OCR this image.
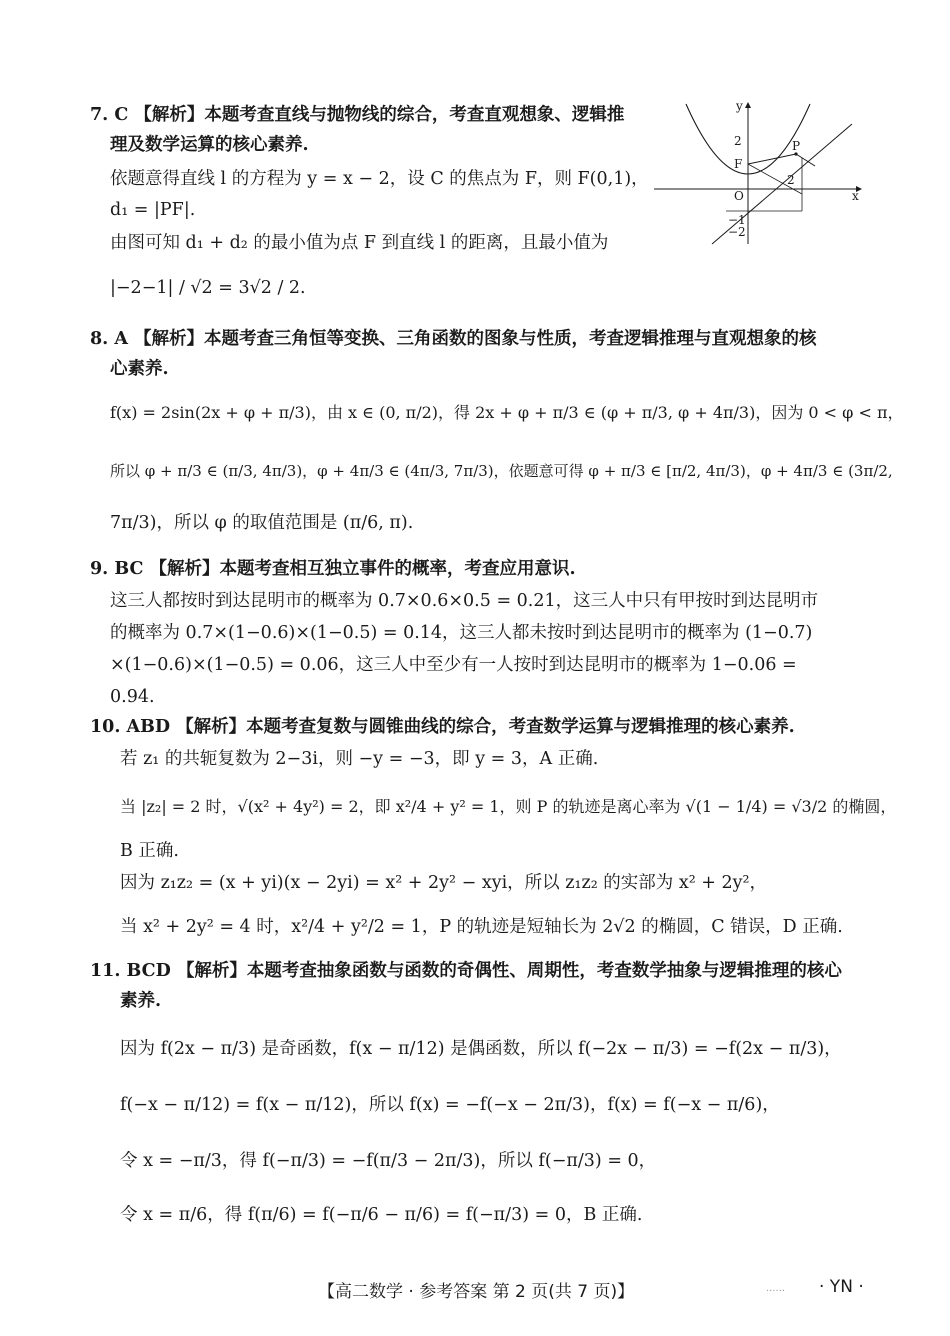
7. C 【解析】本题考查直线与抛物线的综合，考查直观想象、逻辑推
理及数学运算的核心素养.
依题意得直线 l 的方程为 y = x − 2，设 C 的焦点为 F，则 F(0,1)，
d₁ = |PF|.
由图可知 d₁ + d₂ 的最小值为点 F 到直线 l 的距离，且最小值为
|−2−1| / √2 = 3√2 / 2.
x
y
O
F
P
2
2
−1
−2
8. A 【解析】本题考查三角恒等变换、三角函数的图象与性质，考查逻辑推理与直观想象的核
心素养.
f(x) = 2sin(2x + φ + π/3)，由 x ∈ (0, π/2)，得 2x + φ + π/3 ∈ (φ + π/3, φ + 4π/3)，因为 0 < φ < π，
所以 φ + π/3 ∈ (π/3, 4π/3)，φ + 4π/3 ∈ (4π/3, 7π/3)，依题意可得 φ + π/3 ∈ [π/2, 4π/3)，φ + 4π/3 ∈ (3π/2,
7π/3)，所以 φ 的取值范围是 (π/6, π).
9. BC 【解析】本题考查相互独立事件的概率，考查应用意识.
这三人都按时到达昆明市的概率为 0.7×0.6×0.5 = 0.21，这三人中只有甲按时到达昆明市
的概率为 0.7×(1−0.6)×(1−0.5) = 0.14，这三人都未按时到达昆明市的概率为 (1−0.7)
×(1−0.6)×(1−0.5) = 0.06，这三人中至少有一人按时到达昆明市的概率为 1−0.06 =
0.94.
10. ABD 【解析】本题考查复数与圆锥曲线的综合，考查数学运算与逻辑推理的核心素养.
若 z₁ 的共轭复数为 2−3i，则 −y = −3，即 y = 3，A 正确.
当 |z₂| = 2 时，√(x² + 4y²) = 2，即 x²/4 + y² = 1，则 P 的轨迹是离心率为 √(1 − 1/4) = √3/2 的椭圆，
B 正确.
因为 z₁z₂ = (x + yi)(x − 2yi) = x² + 2y² − xyi，所以 z₁z₂ 的实部为 x² + 2y²，
当 x² + 2y² = 4 时，x²/4 + y²/2 = 1，P 的轨迹是短轴长为 2√2 的椭圆，C 错误，D 正确.
11. BCD 【解析】本题考查抽象函数与函数的奇偶性、周期性，考查数学抽象与逻辑推理的核心
素养.
因为 f(2x − π/3) 是奇函数，f(x − π/12) 是偶函数，所以 f(−2x − π/3) = −f(2x − π/3)，
f(−x − π/12) = f(x − π/12)，所以 f(x) = −f(−x − 2π/3)，f(x) = f(−x − π/6)，
令 x = −π/3，得 f(−π/3) = −f(π/3 − 2π/3)，所以 f(−π/3) = 0，
令 x = π/6，得 f(π/6) = f(−π/6 − π/6) = f(−π/3) = 0，B 正确.
【高二数学 · 参考答案 第 2 页(共 7 页)】	...... · YN ·
